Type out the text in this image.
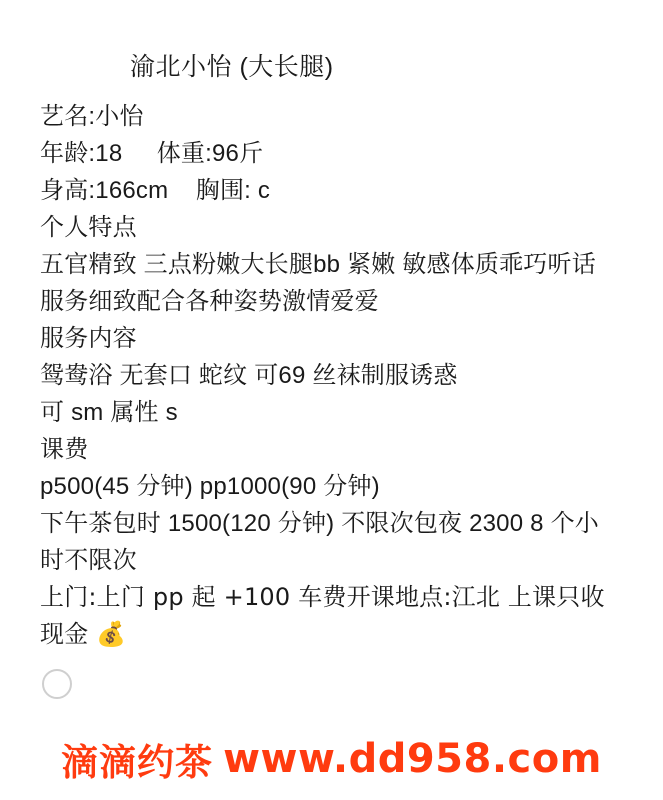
渝北小怡 (大长腿)
艺名:小怡
年龄:18     体重:96斤
身高:166cm    胸围: c
个人特点
五官精致 三点粉嫩大长腿bb 紧嫩 敏感体质乖巧听话 服务细致配合各种姿势激情爱爱
服务内容
鸳鸯浴 无套口 蛇纹 可69 丝袜制服诱惑
可 sm 属性 s
课费
p500(45 分钟) pp1000(90 分钟)
下午茶包时 1500(120 分钟) 不限次包夜 2300 8 个小时不限次
上门:上门 pp 起 +100 车费开课地点:江北 上课只收现金 💰
滴滴约茶 www.dd958.com
